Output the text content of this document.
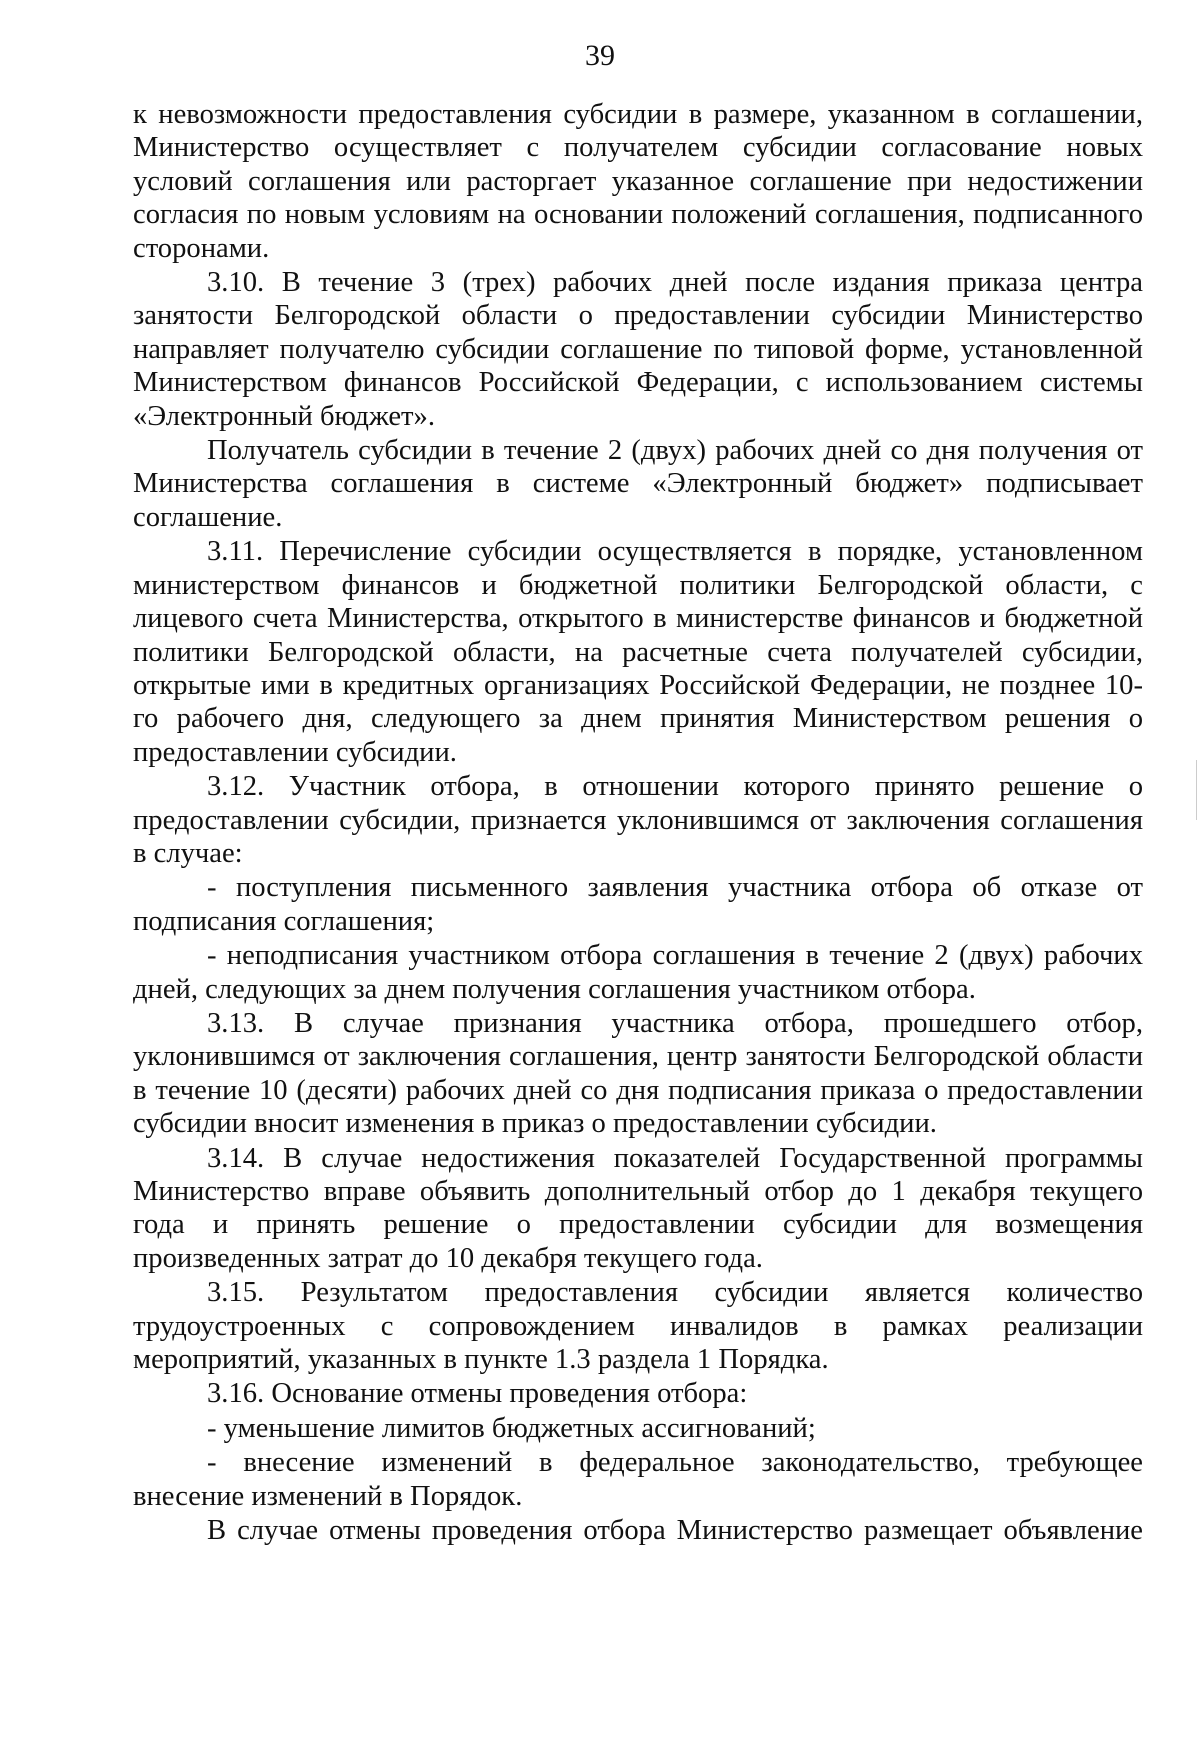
39

к невозможности предоставления субсидии в размере, указанном в соглашении, Министерство осуществляет с получателем субсидии согласование новых условий соглашения или расторгает указанное соглашение при недостижении согласия по новым условиям на основании положений соглашения, подписанного сторонами.

3.10. В течение 3 (трех) рабочих дней после издания приказа центра занятости Белгородской области о предоставлении субсидии Министерство направляет получателю субсидии соглашение по типовой форме, установленной Министерством финансов Российской Федерации, с использованием системы «Электронный бюджет».

Получатель субсидии в течение 2 (двух) рабочих дней со дня получения от Министерства соглашения в системе «Электронный бюджет» подписывает соглашение.

3.11. Перечисление субсидии осуществляется в порядке, установленном министерством финансов и бюджетной политики Белгородской области, с лицевого счета Министерства, открытого в министерстве финансов и бюджетной политики Белгородской области, на расчетные счета получателей субсидии, открытые ими в кредитных организациях Российской Федерации, не позднее 10-го рабочего дня, следующего за днем принятия Министерством решения о предоставлении субсидии.

3.12. Участник отбора, в отношении которого принято решение о предоставлении субсидии, признается уклонившимся от заключения соглашения в случае:

- поступления письменного заявления участника отбора об отказе от подписания соглашения;

- неподписания участником отбора соглашения в течение 2 (двух) рабочих дней, следующих за днем получения соглашения участником отбора.

3.13. В случае признания участника отбора, прошедшего отбор, уклонившимся от заключения соглашения, центр занятости Белгородской области в течение 10 (десяти) рабочих дней со дня подписания приказа о предоставлении субсидии вносит изменения в приказ о предоставлении субсидии.

3.14. В случае недостижения показателей Государственной программы Министерство вправе объявить дополнительный отбор до 1 декабря текущего года и принять решение о предоставлении субсидии для возмещения произведенных затрат до 10 декабря текущего года.

3.15. Результатом предоставления субсидии является количество трудоустроенных с сопровождением инвалидов в рамках реализации мероприятий, указанных в пункте 1.3 раздела 1 Порядка.

3.16. Основание отмены проведения отбора:

- уменьшение лимитов бюджетных ассигнований;

- внесение изменений в федеральное законодательство, требующее внесение изменений в Порядок.

В случае отмены проведения отбора Министерство размещает объявление
